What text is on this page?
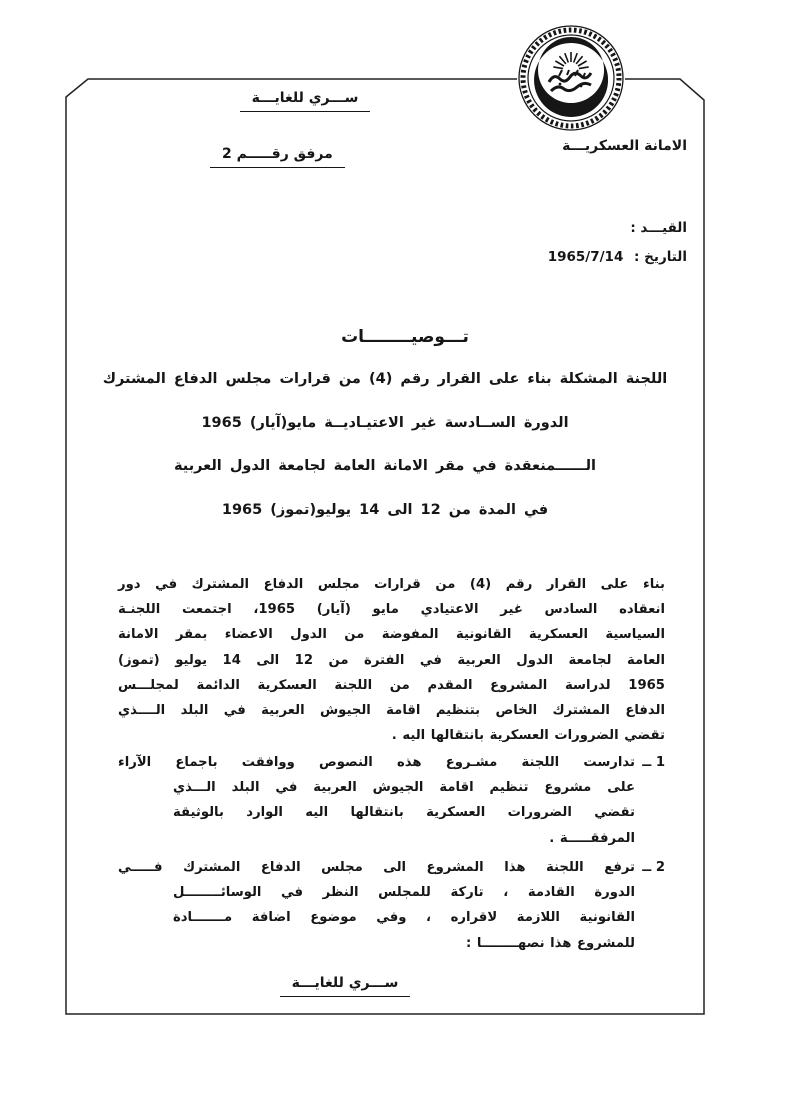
ســـري للغايـــة
الامانة العسكريـــة
مرفق رقـــــم 2
القيـــد :
التاريخ : 1965/7/14
تـــوصيــــــــات
اللجنة المشكلة بناء على القرار رقم (4) من قرارات مجلس الدفاع المشترك
الدورة الســادسة غير الاعتيـاديــة مايو(آيار) 1965
الــــــمنعقدة في مقر الامانة العامة لجامعة الدول العربية
في المدة من 12 الى 14 يوليو(تموز) 1965
بناء على القرار رقم (4) من قرارات مجلس الدفاع المشترك في دور
انعقاده السادس غير الاعتيادي مايو (آيار) 1965، اجتمعت اللجنـة
السياسية العسكرية القانونية المفوضة من الدول الاعضاء بمقر الامانة
العامة لجامعة الدول العربية في الفترة من 12 الى 14 يوليو (تموز)
1965 لدراسة المشروع المقدم من اللجنة العسكرية الدائمة لمجلـــس
الدفاع المشترك الخاص بتنظيم اقامة الجيوش العربية في البلد الــــذي
تقضي الضرورات العسكرية بانتقالها اليه .
1 ــ
تدارست اللجنة مشـروع هذه النصوص ووافقت باجماع الآراء
على مشروع تنظيم اقامة الجيوش العربية في البلد الـــذي
تقضي الضرورات العسكرية بانتقالها اليه الوارد بالوثيقة
المرفقـــــة .
2 ــ
ترفع اللجنة هذا المشروع الى مجلس الدفاع المشترك فـــــي
الدورة القادمة ، تاركة للمجلس النظر في الوسائــــــــل
القانونية اللازمة لاقراره ، وفي موضوع اضافة مـــــــادة
للمشروع هذا نصهــــــــا :
ســـري للغايـــة
